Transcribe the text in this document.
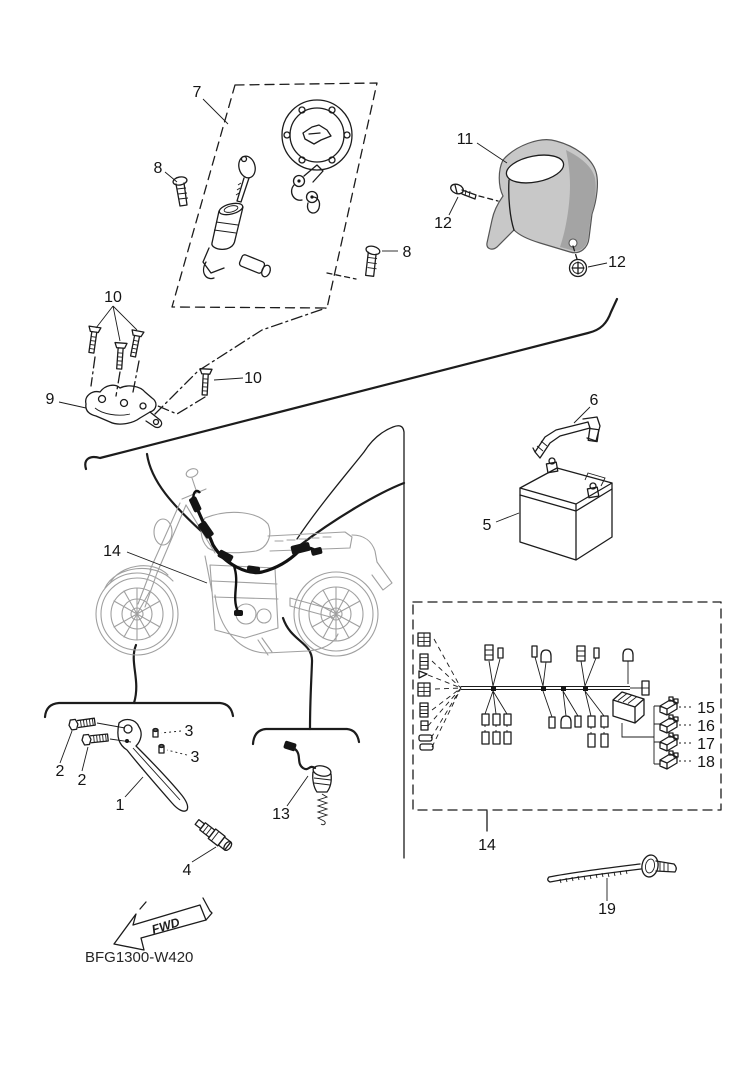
FWD
BFG1300-W420
7
8
8
11
12
12
10
10
9	6
5
14
15
16
17
18
14
3
3
2
2
1
4
13
19
